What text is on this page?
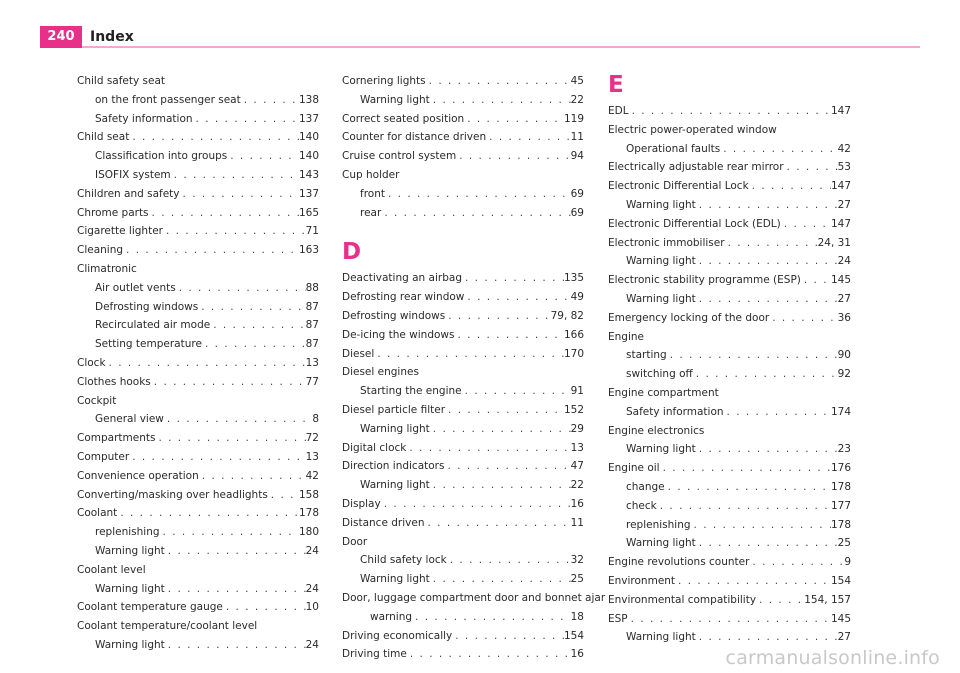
240	Index
Child safety seat
on the front passenger seat . . .	138
Safety information . . .	137
Child seat . . .	140
Classification into groups . . .	140
ISOFIX system . . .	143
Children and safety . . .	137
Chrome parts . . .	165
Cigarette lighter . . .	71
Cleaning . . .	163
Climatronic
Air outlet vents . . .	88
Defrosting windows . . .	87
Recirculated air mode . . .	87
Setting temperature . . .	87
Clock . . .	13
Clothes hooks . . .	77
Cockpit
General view . . .	8
Compartments . . .	72
Computer . . .	13
Convenience operation . . .	42
Converting/masking over headlights . . .	158
Coolant . . .	178
replenishing . . .	180
Warning light . . .	24
Coolant level
Warning light . . .	24
Coolant temperature gauge . . .	10
Coolant temperature/coolant level
Warning light . . .	24
Cornering lights . . .	45
Warning light . . .	22
Correct seated position . . .	119
Counter for distance driven . . .	11
Cruise control system . . .	94
Cup holder
front . . .	69
rear . . .	69
D
Deactivating an airbag . . .	135
Defrosting rear window . . .	49
Defrosting windows . . .	79, 82
De-icing the windows . . .	166
Diesel . . .	170
Diesel engines
Starting the engine . . .	91
Diesel particle filter . . .	152
Warning light . . .	29
Digital clock . . .	13
Direction indicators . . .	47
Warning light . . .	22
Display . . .	16
Distance driven . . .	11
Door
Child safety lock . . .	32
Warning light . . .	25
Door, luggage compartment door and bonnet ajar
warning . . .	18
Driving economically . . .	154
Driving time . . .	16
E
EDL . . .	147
Electric power-operated window
Operational faults . . .	42
Electrically adjustable rear mirror . . .	53
Electronic Differential Lock . . .	147
Warning light . . .	27
Electronic Differential Lock (EDL) . . .	147
Electronic immobiliser . . .	24, 31
Warning light . . .	24
Electronic stability programme (ESP) . . .	145
Warning light . . .	27
Emergency locking of the door . . .	36
Engine
starting . . .	90
switching off . . .	92
Engine compartment
Safety information . . .	174
Engine electronics
Warning light . . .	23
Engine oil . . .	176
change . . .	178
check . . .	177
replenishing . . .	178
Warning light . . .	25
Engine revolutions counter . . .	9
Environment . . .	154
Environmental compatibility . . .	154, 157
ESP . . .	145
Warning light . . .	27
carmanualsonline.info
